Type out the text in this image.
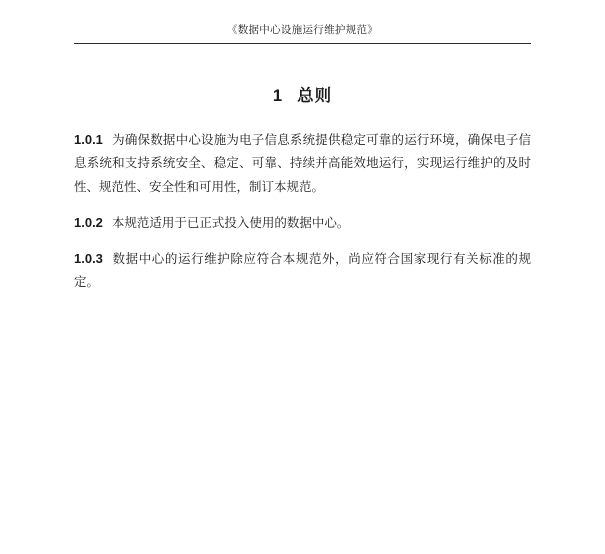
《数据中心设施运行维护规范》
1 总则

1.0.1 为确保数据中心设施为电子信息系统提供稳定可靠的运行环境，确保电子信息系统和支持系统安全、稳定、可靠、持续并高能效地运行，实现运行维护的及时性、规范性、安全性和可用性，制订本规范。

1.0.2 本规范适用于已正式投入使用的数据中心。

1.0.3 数据中心的运行维护除应符合本规范外，尚应符合国家现行有关标准的规定。
